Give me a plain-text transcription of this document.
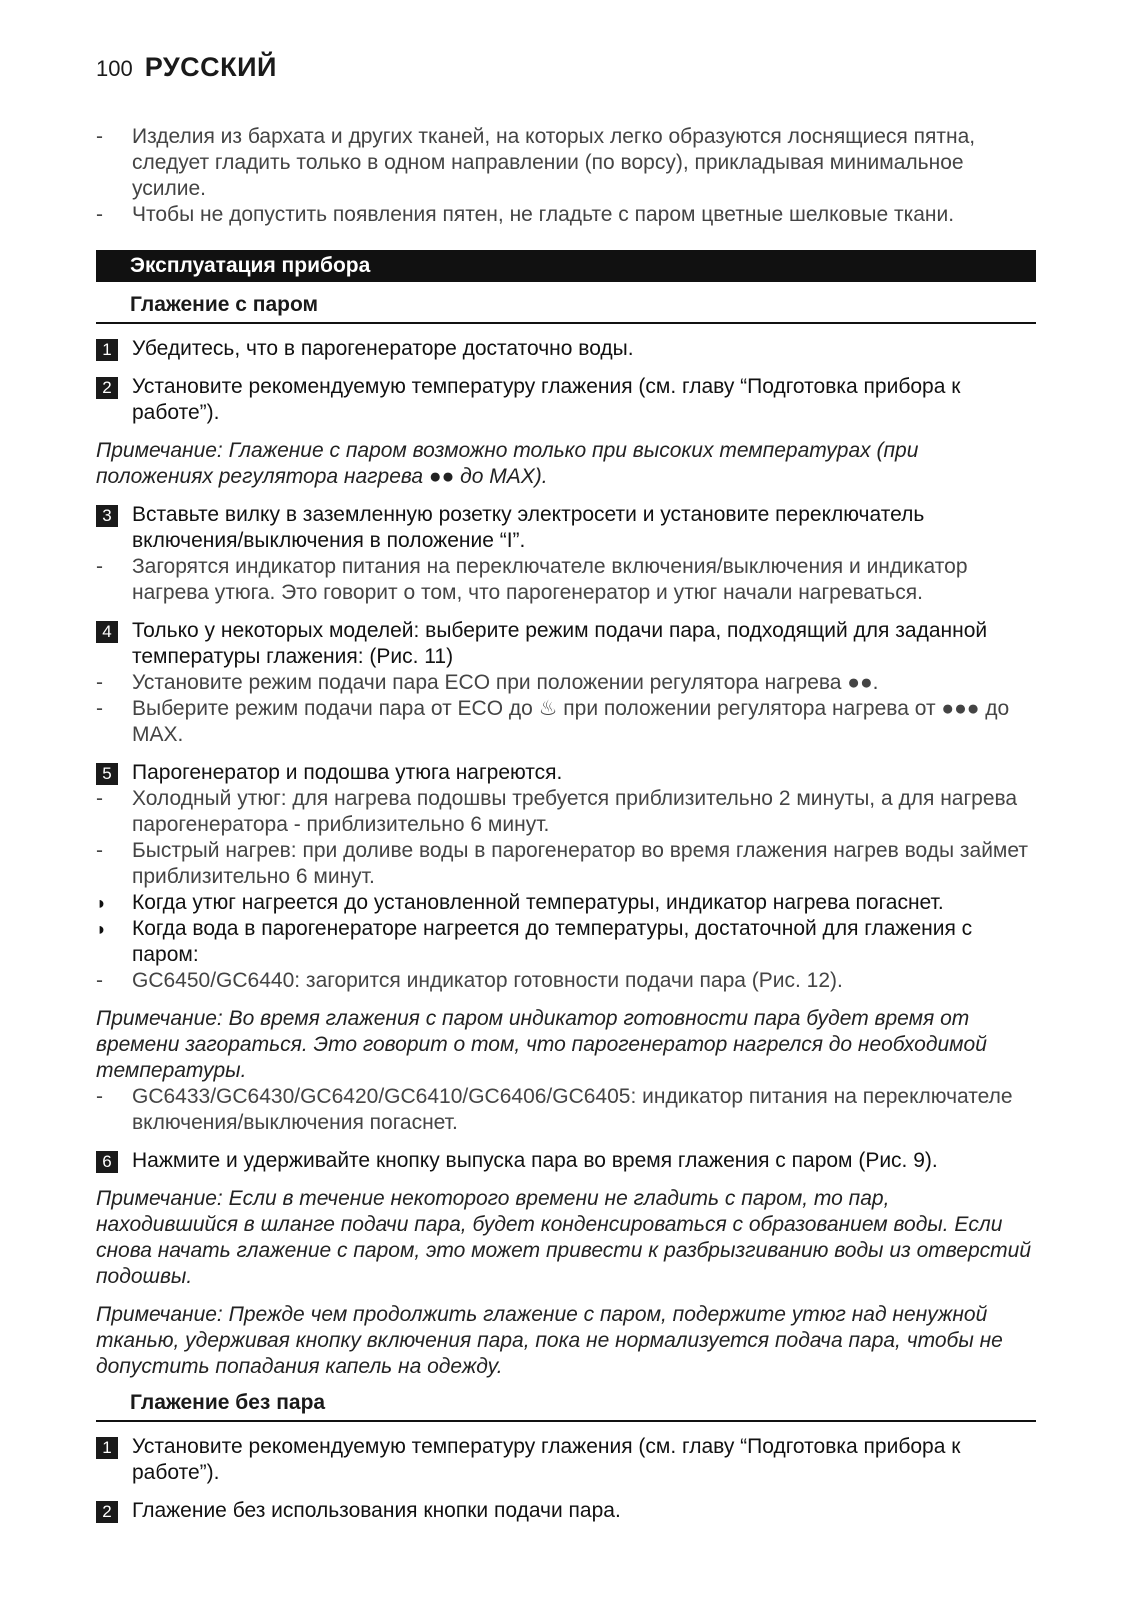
100 РУССКИЙ
-	Изделия из бархата и других тканей, на которых легко образуются лоснящиеся пятна, следует гладить только в одном направлении (по ворсу), прикладывая минимальное усилие.
-	Чтобы не допустить появления пятен, не гладьте с паром цветные шелковые ткани.
Эксплуатация прибора
Глажение с паром
1 Убедитесь, что в парогенераторе достаточно воды.
2 Установите рекомендуемую температуру глажения (см. главу “Подготовка прибора к работе”).
Примечание: Глажение с паром возможно только при высоких температурах (при положениях регулятора нагрева ●● до MAX).
3 Вставьте вилку в заземленную розетку электросети и установите переключатель включения/выключения в положение “I”.
-	Загорятся индикатор питания на переключателе включения/выключения и индикатор нагрева утюга. Это говорит о том, что парогенератор и утюг начали нагреваться.
4 Только у некоторых моделей: выберите режим подачи пара, подходящий для заданной температуры глажения: (Рис. 11)
-	Установите режим подачи пара ECO при положении регулятора нагрева ●●.
-	Выберите режим подачи пара от ECO до ♨ при положении регулятора нагрева от ●●● до MAX.
5 Парогенератор и подошва утюга нагреются.
-	Холодный утюг: для нагрева подошвы требуется приблизительно 2 минуты, а для нагрева парогенератора - приблизительно 6 минут.
-	Быстрый нагрев: при доливе воды в парогенератор во время глажения нагрев воды займет приблизительно 6 минут.
◗	Когда утюг нагреется до установленной температуры, индикатор нагрева погаснет.
◗	Когда вода в парогенераторе нагреется до температуры, достаточной для глажения с паром:
-	GC6450/GC6440: загорится индикатор готовности подачи пара (Рис. 12).
Примечание: Во время глажения с паром индикатор готовности пара будет время от времени загораться. Это говорит о том, что парогенератор нагрелся до необходимой температуры.
-	GC6433/GC6430/GC6420/GC6410/GC6406/GC6405: индикатор питания на переключателе включения/выключения погаснет.
6 Нажмите и удерживайте кнопку выпуска пара во время глажения с паром (Рис. 9).
Примечание: Если в течение некоторого времени не гладить с паром, то пар, находившийся в шланге подачи пара, будет конденсироваться с образованием воды. Если снова начать глажение с паром, это может привести к разбрызгиванию воды из отверстий подошвы.
Примечание: Прежде чем продолжить глажение с паром, подержите утюг над ненужной тканью, удерживая кнопку включения пара, пока не нормализуется подача пара, чтобы не допустить попадания капель на одежду.
Глажение без пара
1 Установите рекомендуемую температуру глажения (см. главу “Подготовка прибора к работе”).
2 Глажение без использования кнопки подачи пара.
